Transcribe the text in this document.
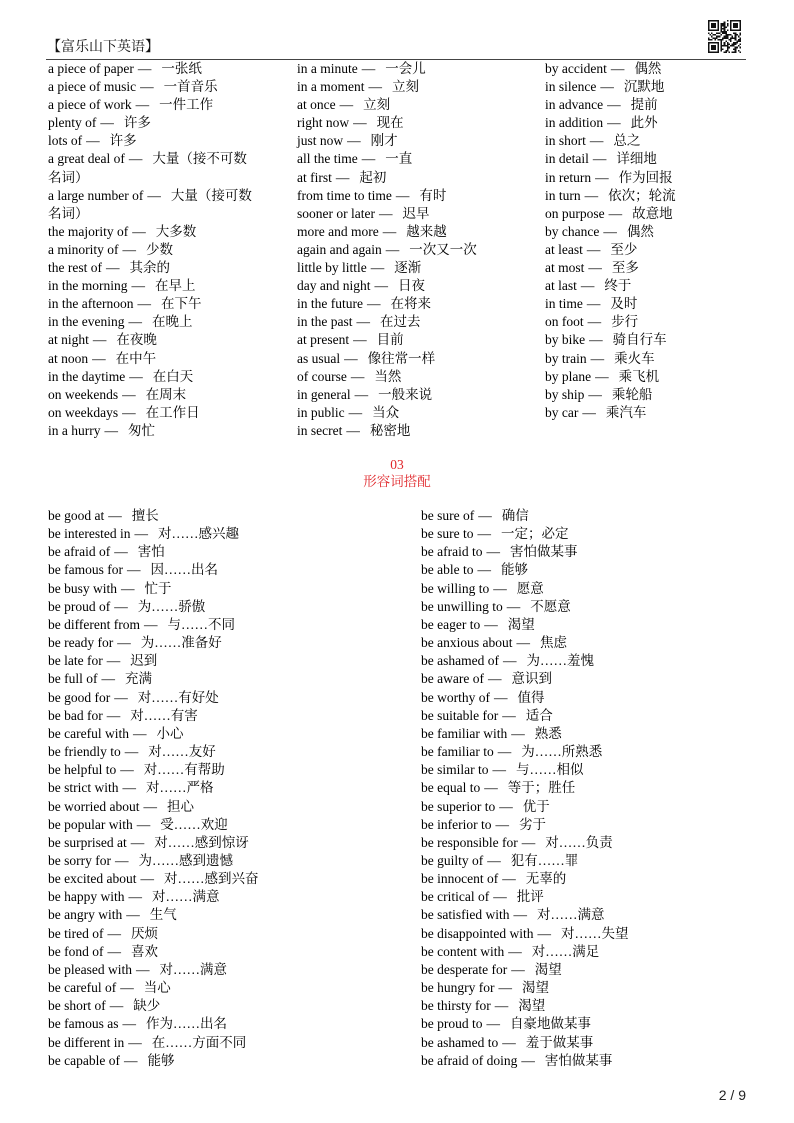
【富乐山下英语】
a piece of paper — 一张纸
a piece of music — 一首音乐
a piece of work — 一件工作
plenty of — 许多
lots of — 许多
a great deal of — 大量（接不可数名词）
a large number of — 大量（接可数名词）
the majority of — 大多数
a minority of — 少数
the rest of — 其余的
in the morning — 在早上
in the afternoon — 在下午
in the evening — 在晚上
at night — 在夜晚
at noon — 在中午
in the daytime — 在白天
on weekends — 在周末
on weekdays — 在工作日
in a hurry — 匆忙
in a minute — 一会儿
in a moment — 立刻
at once — 立刻
right now — 现在
just now — 刚才
all the time — 一直
at first — 起初
from time to time — 有时
sooner or later — 迟早
more and more — 越来越
again and again — 一次又一次
little by little — 逐渐
day and night — 日夜
in the future — 在将来
in the past — 在过去
at present — 目前
as usual — 像往常一样
of course — 当然
in general — 一般来说
in public — 当众
in secret — 秘密地
by accident — 偶然
in silence — 沉默地
in advance — 提前
in addition — 此外
in short — 总之
in detail — 详细地
in return — 作为回报
in turn — 依次；轮流
on purpose — 故意地
by chance — 偶然
at least — 至少
at most — 至多
at last — 终于
in time — 及时
on foot — 步行
by bike — 骑自行车
by train — 乘火车
by plane — 乘飞机
by ship — 乘轮船
by car — 乘汽车
03
形容词搭配
be good at — 擅长
be interested in — 对……感兴趣
be afraid of — 害怕
be famous for — 因……出名
be busy with — 忙于
be proud of — 为……骄傲
be different from — 与……不同
be ready for — 为……准备好
be late for — 迟到
be full of — 充满
be good for — 对……有好处
be bad for — 对……有害
be careful with — 小心
be friendly to — 对……友好
be helpful to — 对……有帮助
be strict with — 对……严格
be worried about — 担心
be popular with — 受……欢迎
be surprised at — 对……感到惊讶
be sorry for — 为……感到遗憾
be excited about — 对……感到兴奋
be happy with — 对……满意
be angry with — 生气
be tired of — 厌烦
be fond of — 喜欢
be pleased with — 对……满意
be careful of — 当心
be short of — 缺少
be famous as — 作为……出名
be different in — 在……方面不同
be capable of — 能够
be sure of — 确信
be sure to — 一定；必定
be afraid to — 害怕做某事
be able to — 能够
be willing to — 愿意
be unwilling to — 不愿意
be eager to — 渴望
be anxious about — 焦虑
be ashamed of — 为……羞愧
be aware of — 意识到
be worthy of — 值得
be suitable for — 适合
be familiar with — 熟悉
be familiar to — 为……所熟悉
be similar to — 与……相似
be equal to — 等于；胜任
be superior to — 优于
be inferior to — 劣于
be responsible for — 对……负责
be guilty of — 犯有……罪
be innocent of — 无辜的
be critical of — 批评
be satisfied with — 对……满意
be disappointed with — 对……失望
be content with — 对……满足
be desperate for — 渴望
be hungry for — 渴望
be thirsty for — 渴望
be proud to — 自豪地做某事
be ashamed to — 羞于做某事
be afraid of doing — 害怕做某事
2 / 9
